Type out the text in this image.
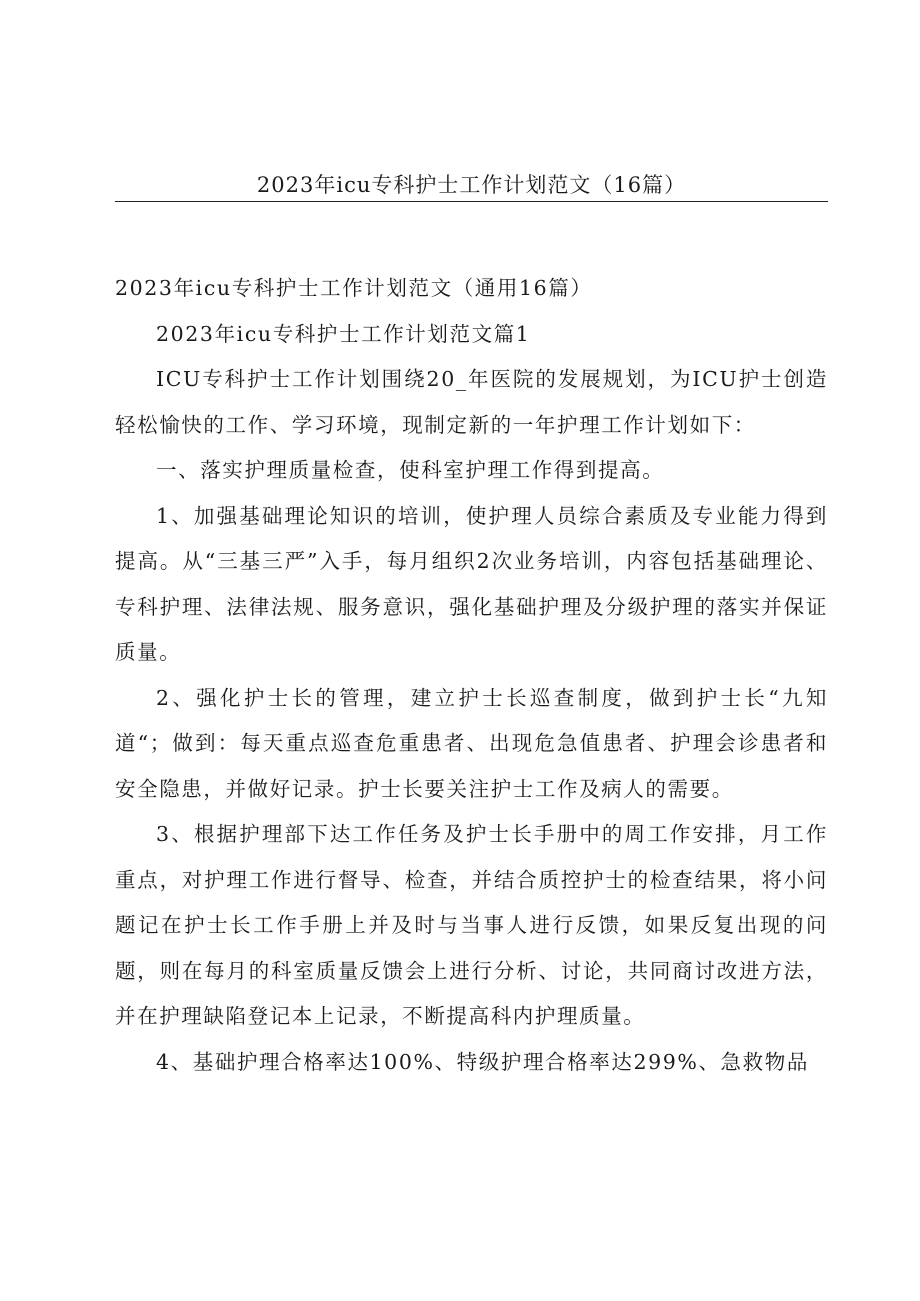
2023年icu专科护士工作计划范文（16篇）

2023年icu专科护士工作计划范文（通用16篇）

2023年icu专科护士工作计划范文篇1

ICU专科护士工作计划围绕20_年医院的发展规划，为ICU护士创造轻松愉快的工作、学习环境，现制定新的一年护理工作计划如下：

一、落实护理质量检查，使科室护理工作得到提高。

1、加强基础理论知识的培训，使护理人员综合素质及专业能力得到提高。从“三基三严”入手，每月组织2次业务培训，内容包括基础理论、专科护理、法律法规、服务意识，强化基础护理及分级护理的落实并保证质量。

2、强化护士长的管理，建立护士长巡查制度，做到护士长“九知道“；做到：每天重点巡查危重患者、出现危急值患者、护理会诊患者和安全隐患，并做好记录。护士长要关注护士工作及病人的需要。

3、根据护理部下达工作任务及护士长手册中的周工作安排，月工作重点，对护理工作进行督导、检查，并结合质控护士的检查结果，将小问题记在护士长工作手册上并及时与当事人进行反馈，如果反复出现的问题，则在每月的科室质量反馈会上进行分析、讨论，共同商讨改进方法，并在护理缺陷登记本上记录，不断提高科内护理质量。

4、基础护理合格率达100%、特级护理合格率达299%、急救物品
